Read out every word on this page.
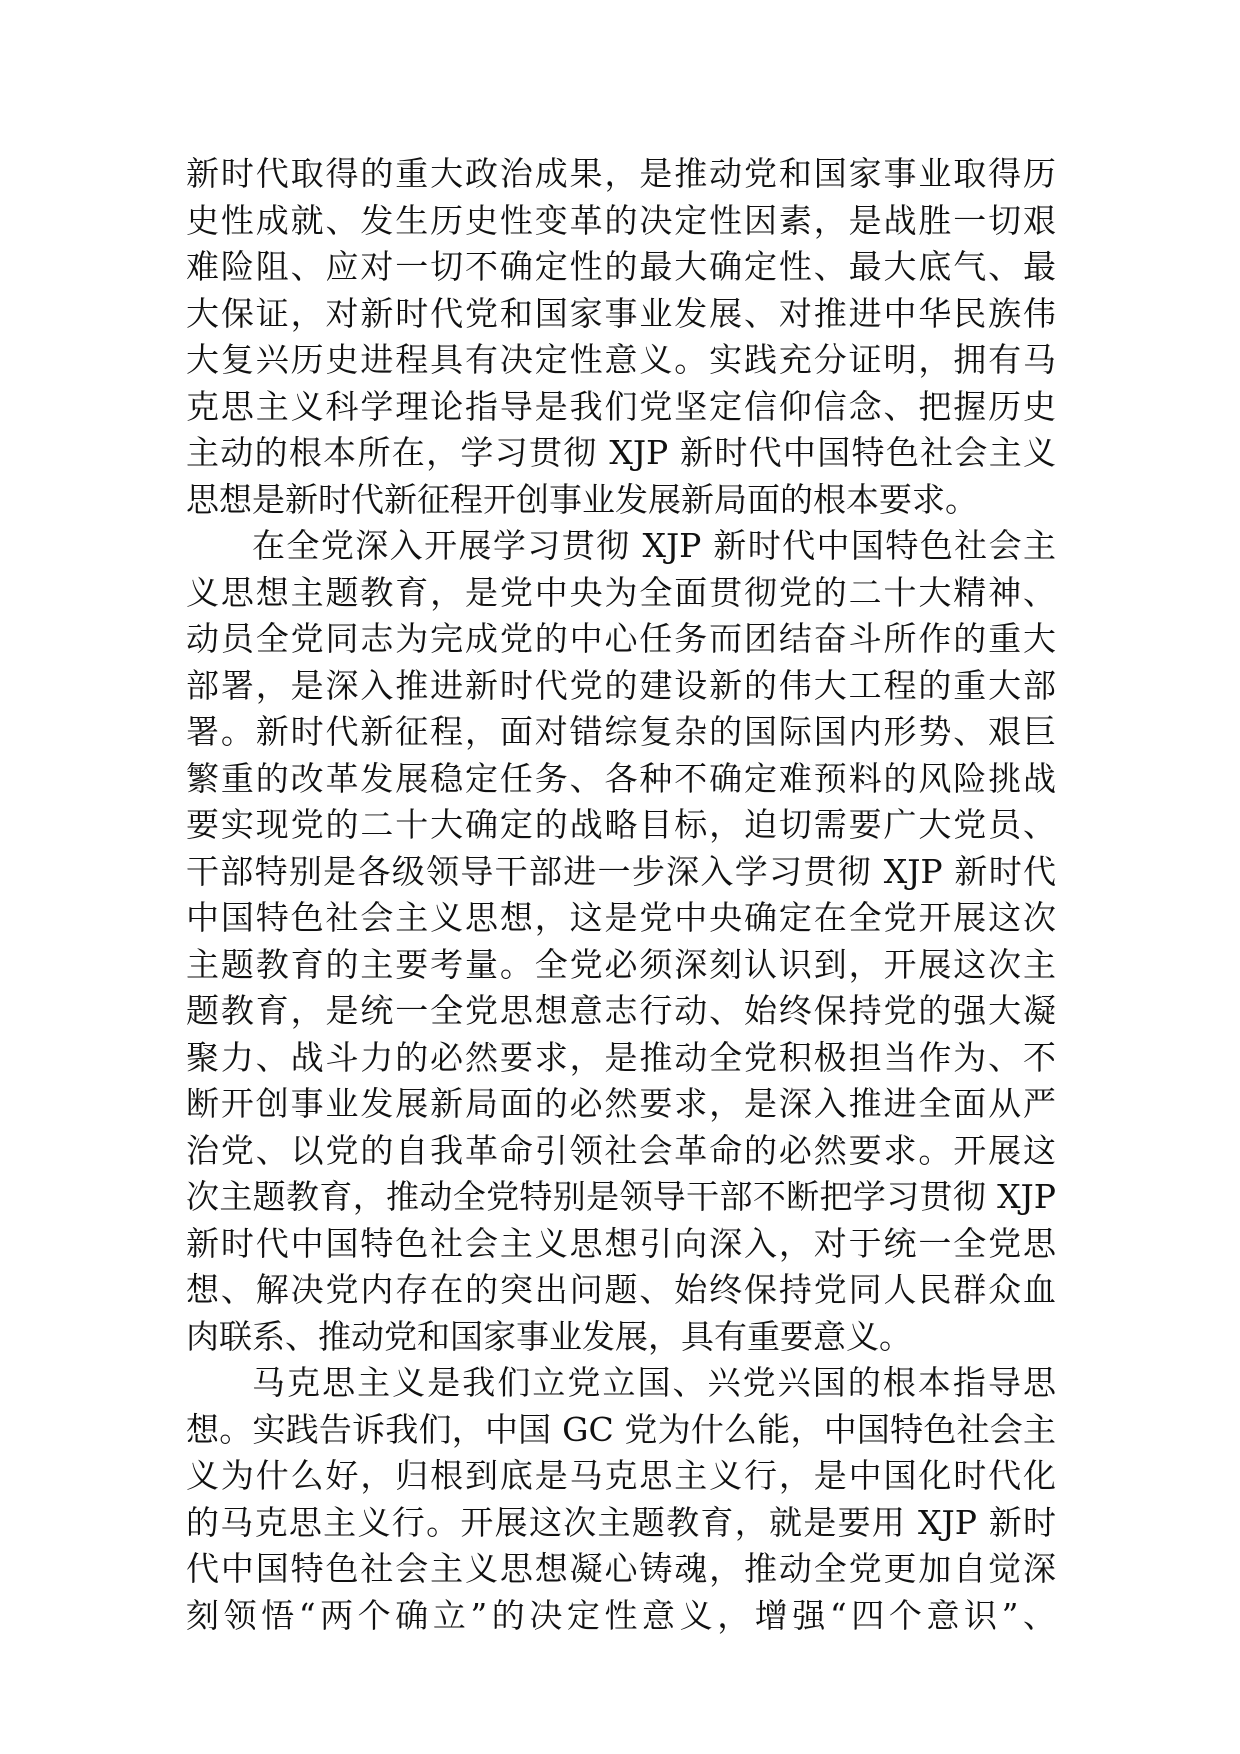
新时代取得的重大政治成果，是推动党和国家事业取得历
史性成就、发生历史性变革的决定性因素，是战胜一切艰
难险阻、应对一切不确定性的最大确定性、最大底气、最
大保证，对新时代党和国家事业发展、对推进中华民族伟
大复兴历史进程具有决定性意义。实践充分证明，拥有马
克思主义科学理论指导是我们党坚定信仰信念、把握历史
主动的根本所在，学习贯彻 XJP 新时代中国特色社会主义
思想是新时代新征程开创事业发展新局面的根本要求。
在全党深入开展学习贯彻 XJP 新时代中国特色社会主
义思想主题教育，是党中央为全面贯彻党的二十大精神、
动员全党同志为完成党的中心任务而团结奋斗所作的重大
部署，是深入推进新时代党的建设新的伟大工程的重大部
署。新时代新征程，面对错综复杂的国际国内形势、艰巨
繁重的改革发展稳定任务、各种不确定难预料的风险挑战
要实现党的二十大确定的战略目标，迫切需要广大党员、
干部特别是各级领导干部进一步深入学习贯彻 XJP 新时代
中国特色社会主义思想，这是党中央确定在全党开展这次
主题教育的主要考量。全党必须深刻认识到，开展这次主
题教育，是统一全党思想意志行动、始终保持党的强大凝
聚力、战斗力的必然要求，是推动全党积极担当作为、不
断开创事业发展新局面的必然要求，是深入推进全面从严
治党、以党的自我革命引领社会革命的必然要求。开展这
次主题教育，推动全党特别是领导干部不断把学习贯彻 XJP
新时代中国特色社会主义思想引向深入，对于统一全党思
想、解决党内存在的突出问题、始终保持党同人民群众血
肉联系、推动党和国家事业发展，具有重要意义。
马克思主义是我们立党立国、兴党兴国的根本指导思
想。实践告诉我们，中国 GC 党为什么能，中国特色社会主
义为什么好，归根到底是马克思主义行，是中国化时代化
的马克思主义行。开展这次主题教育，就是要用 XJP 新时
代中国特色社会主义思想凝心铸魂，推动全党更加自觉深
刻领悟“两个确立”的决定性意义，增强“四个意识”、
